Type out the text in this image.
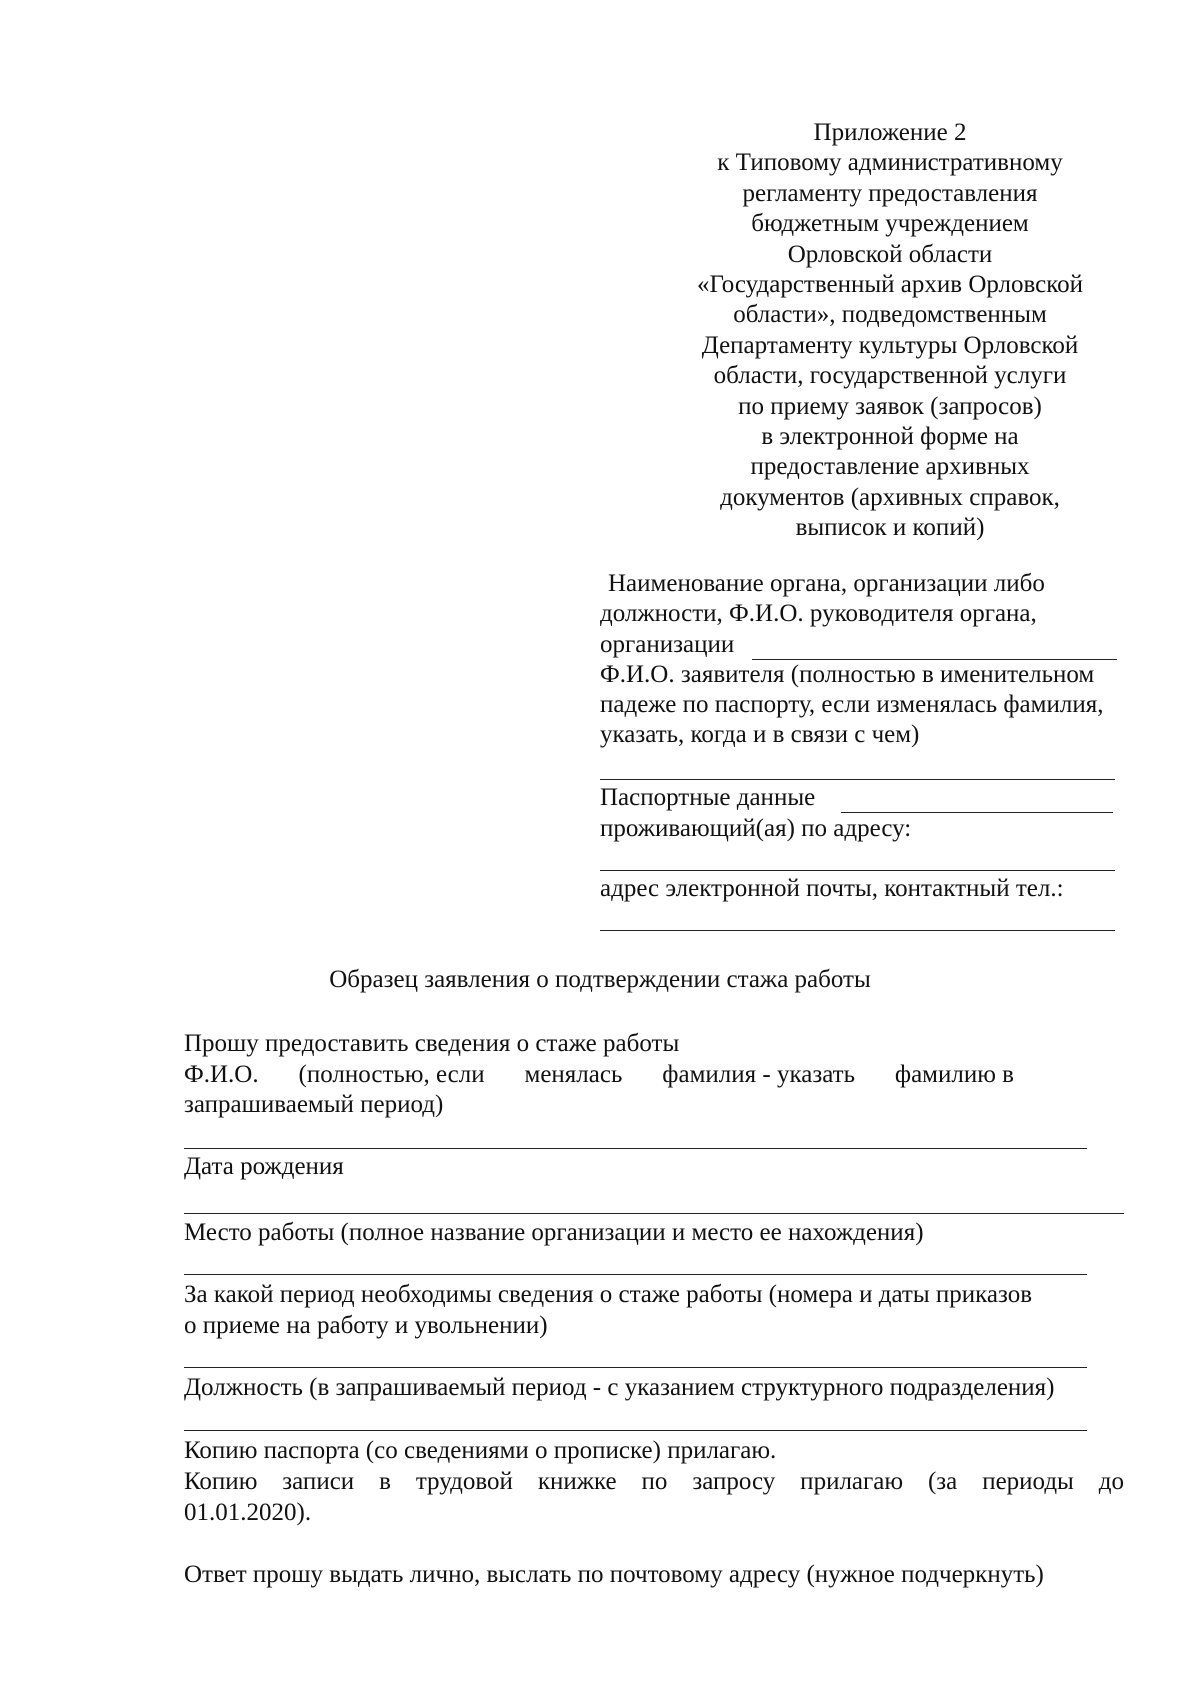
Приложение 2
к Типовому административному
регламенту предоставления
бюджетным учреждением
Орловской области
«Государственный архив Орловской
области», подведомственным
Департаменту культуры Орловской
области, государственной услуги
по приему заявок (запросов)
в электронной форме на
предоставление архивных
документов (архивных справок,
выписок и копий)
Наименование органа, организации либо
должности, Ф.И.О. руководителя органа,
организации
Ф.И.О. заявителя (полностью в именительном
падеже по паспорту, если изменялась фамилия,
указать, когда и в связи с чем)
Паспортные данные
проживающий(ая) по адресу:
адрес электронной почты, контактный тел.:
Образец заявления о подтверждении стажа работы
Прошу предоставить сведения о стаже работы
Ф.И.О. (полностью, если менялась фамилия - указать фамилию в
запрашиваемый период)
Дата рождения
Место работы (полное название организации и место ее нахождения)
За какой период необходимы сведения о стаже работы (номера и даты приказов
о приеме на работу и увольнении)
Должность (в запрашиваемый период - с указанием структурного подразделения)
Копию паспорта (со сведениями о прописке) прилагаю.
Копию записи в трудовой книжке по запросу прилагаю (за периоды до
01.01.2020).
Ответ прошу выдать лично, выслать по почтовому адресу (нужное подчеркнуть)
